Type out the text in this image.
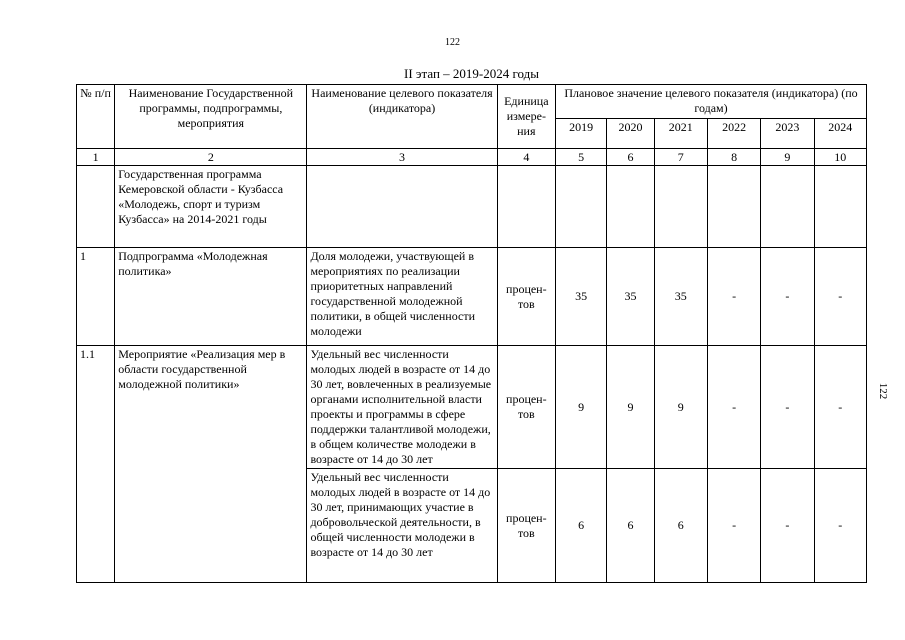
122
II этап – 2019-2024 годы
122
№ п/п	Наименование Государственной программы, подпрограммы, мероприятия	Наименование целевого показателя (индикатора)	Единица измере-ния	Плановое значение целевого показателя (индикатора) (по годам)					
				2019	2020	2021	2022	2023	2024
1	2	3	4	5	6	7	8	9	10
	Государственная программа Кемеровской области - Кузбасса «Молодежь, спорт и туризм Кузбасса» на 2014-2021 годы								
1	Подпрограмма «Молодежная политика»	Доля молодежи, участвующей в мероприятиях по реализации приоритетных направлений государственной молодежной политики, в общей численности молодежи	процен-тов	35	35	35	-	-	-
1.1	Мероприятие «Реализация мер в области государственной молодежной политики»	Удельный вес численности молодых людей в возрасте от 14 до 30 лет, вовлеченных в реализуемые органами исполнительной власти проекты и программы в сфере поддержки талантливой молодежи, в общем количестве молодежи в возрасте от 14 до 30 лет	процен-тов	9	9	9	-	-	-
		Удельный вес численности молодых людей в возрасте от 14 до 30 лет, принимающих участие в добровольческой деятельности, в общей численности молодежи в возрасте от 14 до 30 лет	процен-тов	6	6	6	-	-	-
